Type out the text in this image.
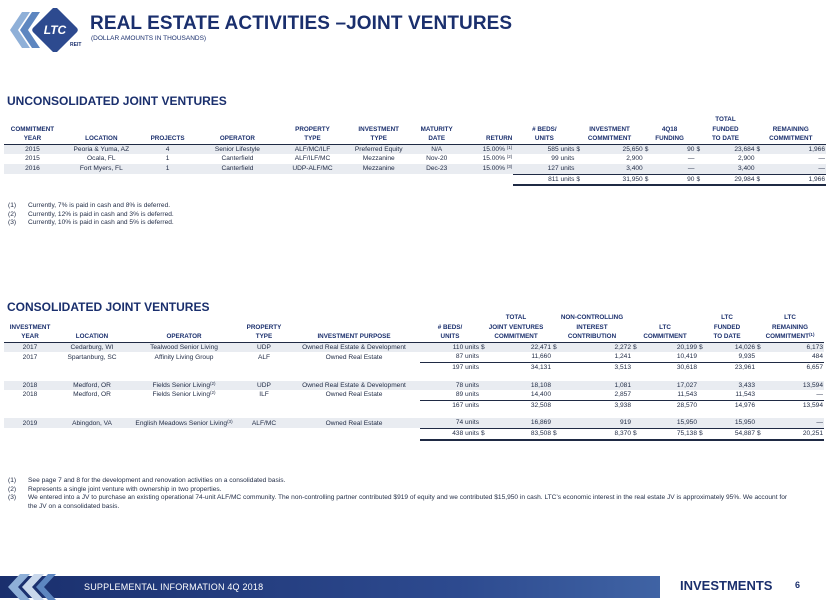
LTC
REIT
REAL ESTATE ACTIVITIES –JOINT VENTURES
(DOLLAR AMOUNTS IN THOUSANDS)
UNCONSOLIDATED JOINT VENTURES
											TOTAL	
COMMITMENT				PROPERTY	INVESTMENT	MATURITY		# BEDS/	INVESTMENT	4Q18	FUNDED	REMAINING
YEAR	LOCATION	PROJECTS	OPERATOR	TYPE	TYPE	DATE	RETURN	UNITS	COMMITMENT	FUNDING	TO DATE	COMMITMENT
2015	Peoria & Yuma, AZ	4	Senior Lifestyle	ALF/MC/ILF	Preferred Equity	N/A	15.00% $^{(1)}$	585 units	$ 25,650	$ 90	$ 23,684	$ 1,966
2015	Ocala, FL	1	Canterfield	ALF/ILF/MC	Mezzanine	Nov-20	15.00% $^{(2)}$	99 units	2,900	—	2,900	—
2016	Fort Myers, FL	1	Canterfield	UDP-ALF/MC	Mezzanine	Dec-23	15.00% $^{(3)}$	127 units	3,400	—	3,400	—
								811 units	$ 31,950	$ 90	$ 29,984	$ 1,966
(1) Currently, 7% is paid in cash and 8% is deferred.
(2) Currently, 12% is paid in cash and 3% is deferred.
(3) Currently, 10% is paid in cash and 5% is deferred.
CONSOLIDATED JOINT VENTURES
						TOTAL	NON-CONTROLLING		LTC	LTC
INVESTMENT			PROPERTY		# BEDS/	JOINT VENTURES	INTEREST	LTC	FUNDED	REMAINING
YEAR	LOCATION	OPERATOR	TYPE	INVESTMENT PURPOSE	UNITS	COMMITMENT	CONTRIBUTION	COMMITMENT	TO DATE	COMMITMENT$^{(1)}$
2017	Cedarburg, WI	Tealwood Senior Living	UDP	Owned Real Estate & Development	110 units	$ 22,471	$ 2,272	$ 20,199	$ 14,026	$ 6,173
2017	Spartanburg, SC	Affinity Living Group	ALF	Owned Real Estate	87 units	11,660	1,241	10,419	9,935	484
					197 units	34,131	3,513	30,618	23,961	6,657

2018	Medford, OR	Fields Senior Living$^{(2)}$	UDP	Owned Real Estate & Development	78 units	18,108	1,081	17,027	3,433	13,594
2018	Medford, OR	Fields Senior Living$^{(2)}$	ILF	Owned Real Estate	89 units	14,400	2,857	11,543	11,543	—
					167 units	32,508	3,938	28,570	14,976	13,594

2019	Abingdon, VA	English Meadows Senior Living$^{(3)}$	ALF/MC	Owned Real Estate	74 units	16,869	919	15,950	15,950	—
					438 units	$ 83,508	$ 8,370	$ 75,138	$ 54,887	$ 20,251
(1) See page 7 and 8 for the development and renovation activities on a consolidated basis.
(2) Represents a single joint venture with ownership in two properties.
(3) We entered into a JV to purchase an existing operational 74-unit ALF/MC community. The non-controlling partner contributed $919 of equity and we contributed $15,950 in cash. LTC’s economic interest in the real estate JV is approximately 95%. We account for the JV on a consolidated basis.
SUPPLEMENTAL INFORMATION 4Q 2018	INVESTMENTS	6
